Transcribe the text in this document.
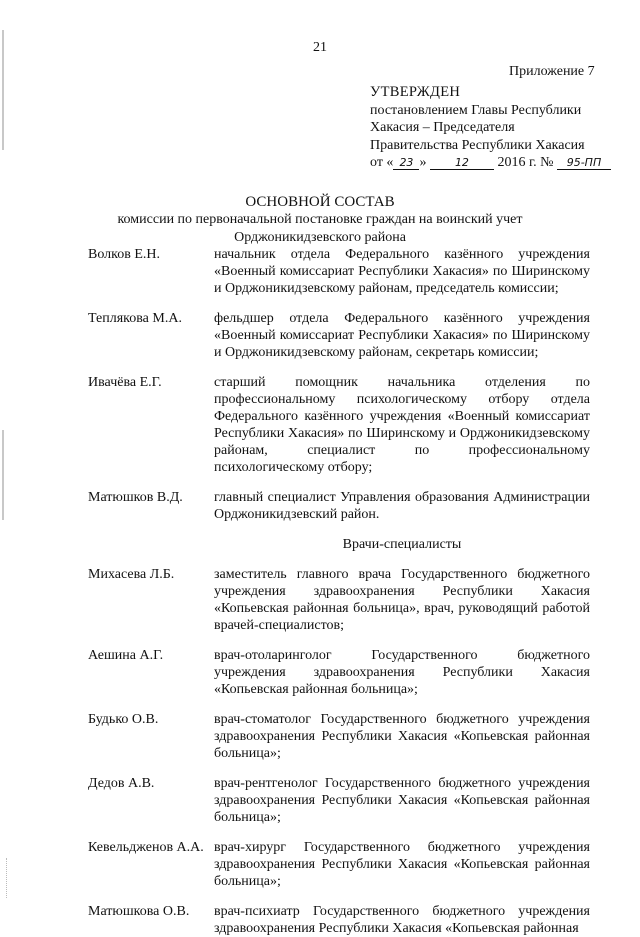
21
Приложение 7
УТВЕРЖДЕН
постановлением Главы Республики
Хакасия – Председателя
Правительства Республики Хакасия
от « 23 »	12 2016 г. № 95-ПП
ОСНОВНОЙ СОСТАВ
комиссии по первоначальной постановке граждан на воинский учет
Орджоникидзевского района
Волков Е.Н.	начальник отдела Федерального казённого учреждения «Военный комиссариат Республики Хакасия» по Ширинскому и Орджоникидзевскому районам, председатель комиссии;
Теплякова М.А.	фельдшер отдела Федерального казённого учреждения «Военный комиссариат Республики Хакасия» по Ширинскому и Орджоникидзевскому районам, секретарь комиссии;
Ивачёва Е.Г.	старший помощник начальника отделения по профессиональному психологическому отбору отдела Федерального казённого учреждения «Военный комиссариат Республики Хакасия» по Ширинскому и Орджоникидзевскому районам, специалист по профессиональному психологическому отбору;
Матюшков В.Д.	главный специалист Управления образования Администрации Орджоникидзевский район.
Врачи-специалисты
Михасева Л.Б.	заместитель главного врача Государственного бюджетного учреждения здравоохранения Республики Хакасия «Копьевская районная больница», врач, руководящий работой врачей-специалистов;
Аешина А.Г.	врач-отоларинголог Государственного бюджетного учреждения здравоохранения Республики Хакасия «Копьевская районная больница»;
Будько О.В.	врач-стоматолог Государственного бюджетного учреждения здравоохранения Республики Хакасия «Копьевская районная больница»;
Дедов А.В.	врач-рентгенолог Государственного бюджетного учреждения здравоохранения Республики Хакасия «Копьевская районная больница»;
Кевельдженов А.А. врач-хирург Государственного бюджетного учреждения здравоохранения Республики Хакасия «Копьевская районная больница»;
Матюшкова О.В.	врач-психиатр Государственного бюджетного учреждения здравоохранения Республики Хакасия «Копьевская районная
